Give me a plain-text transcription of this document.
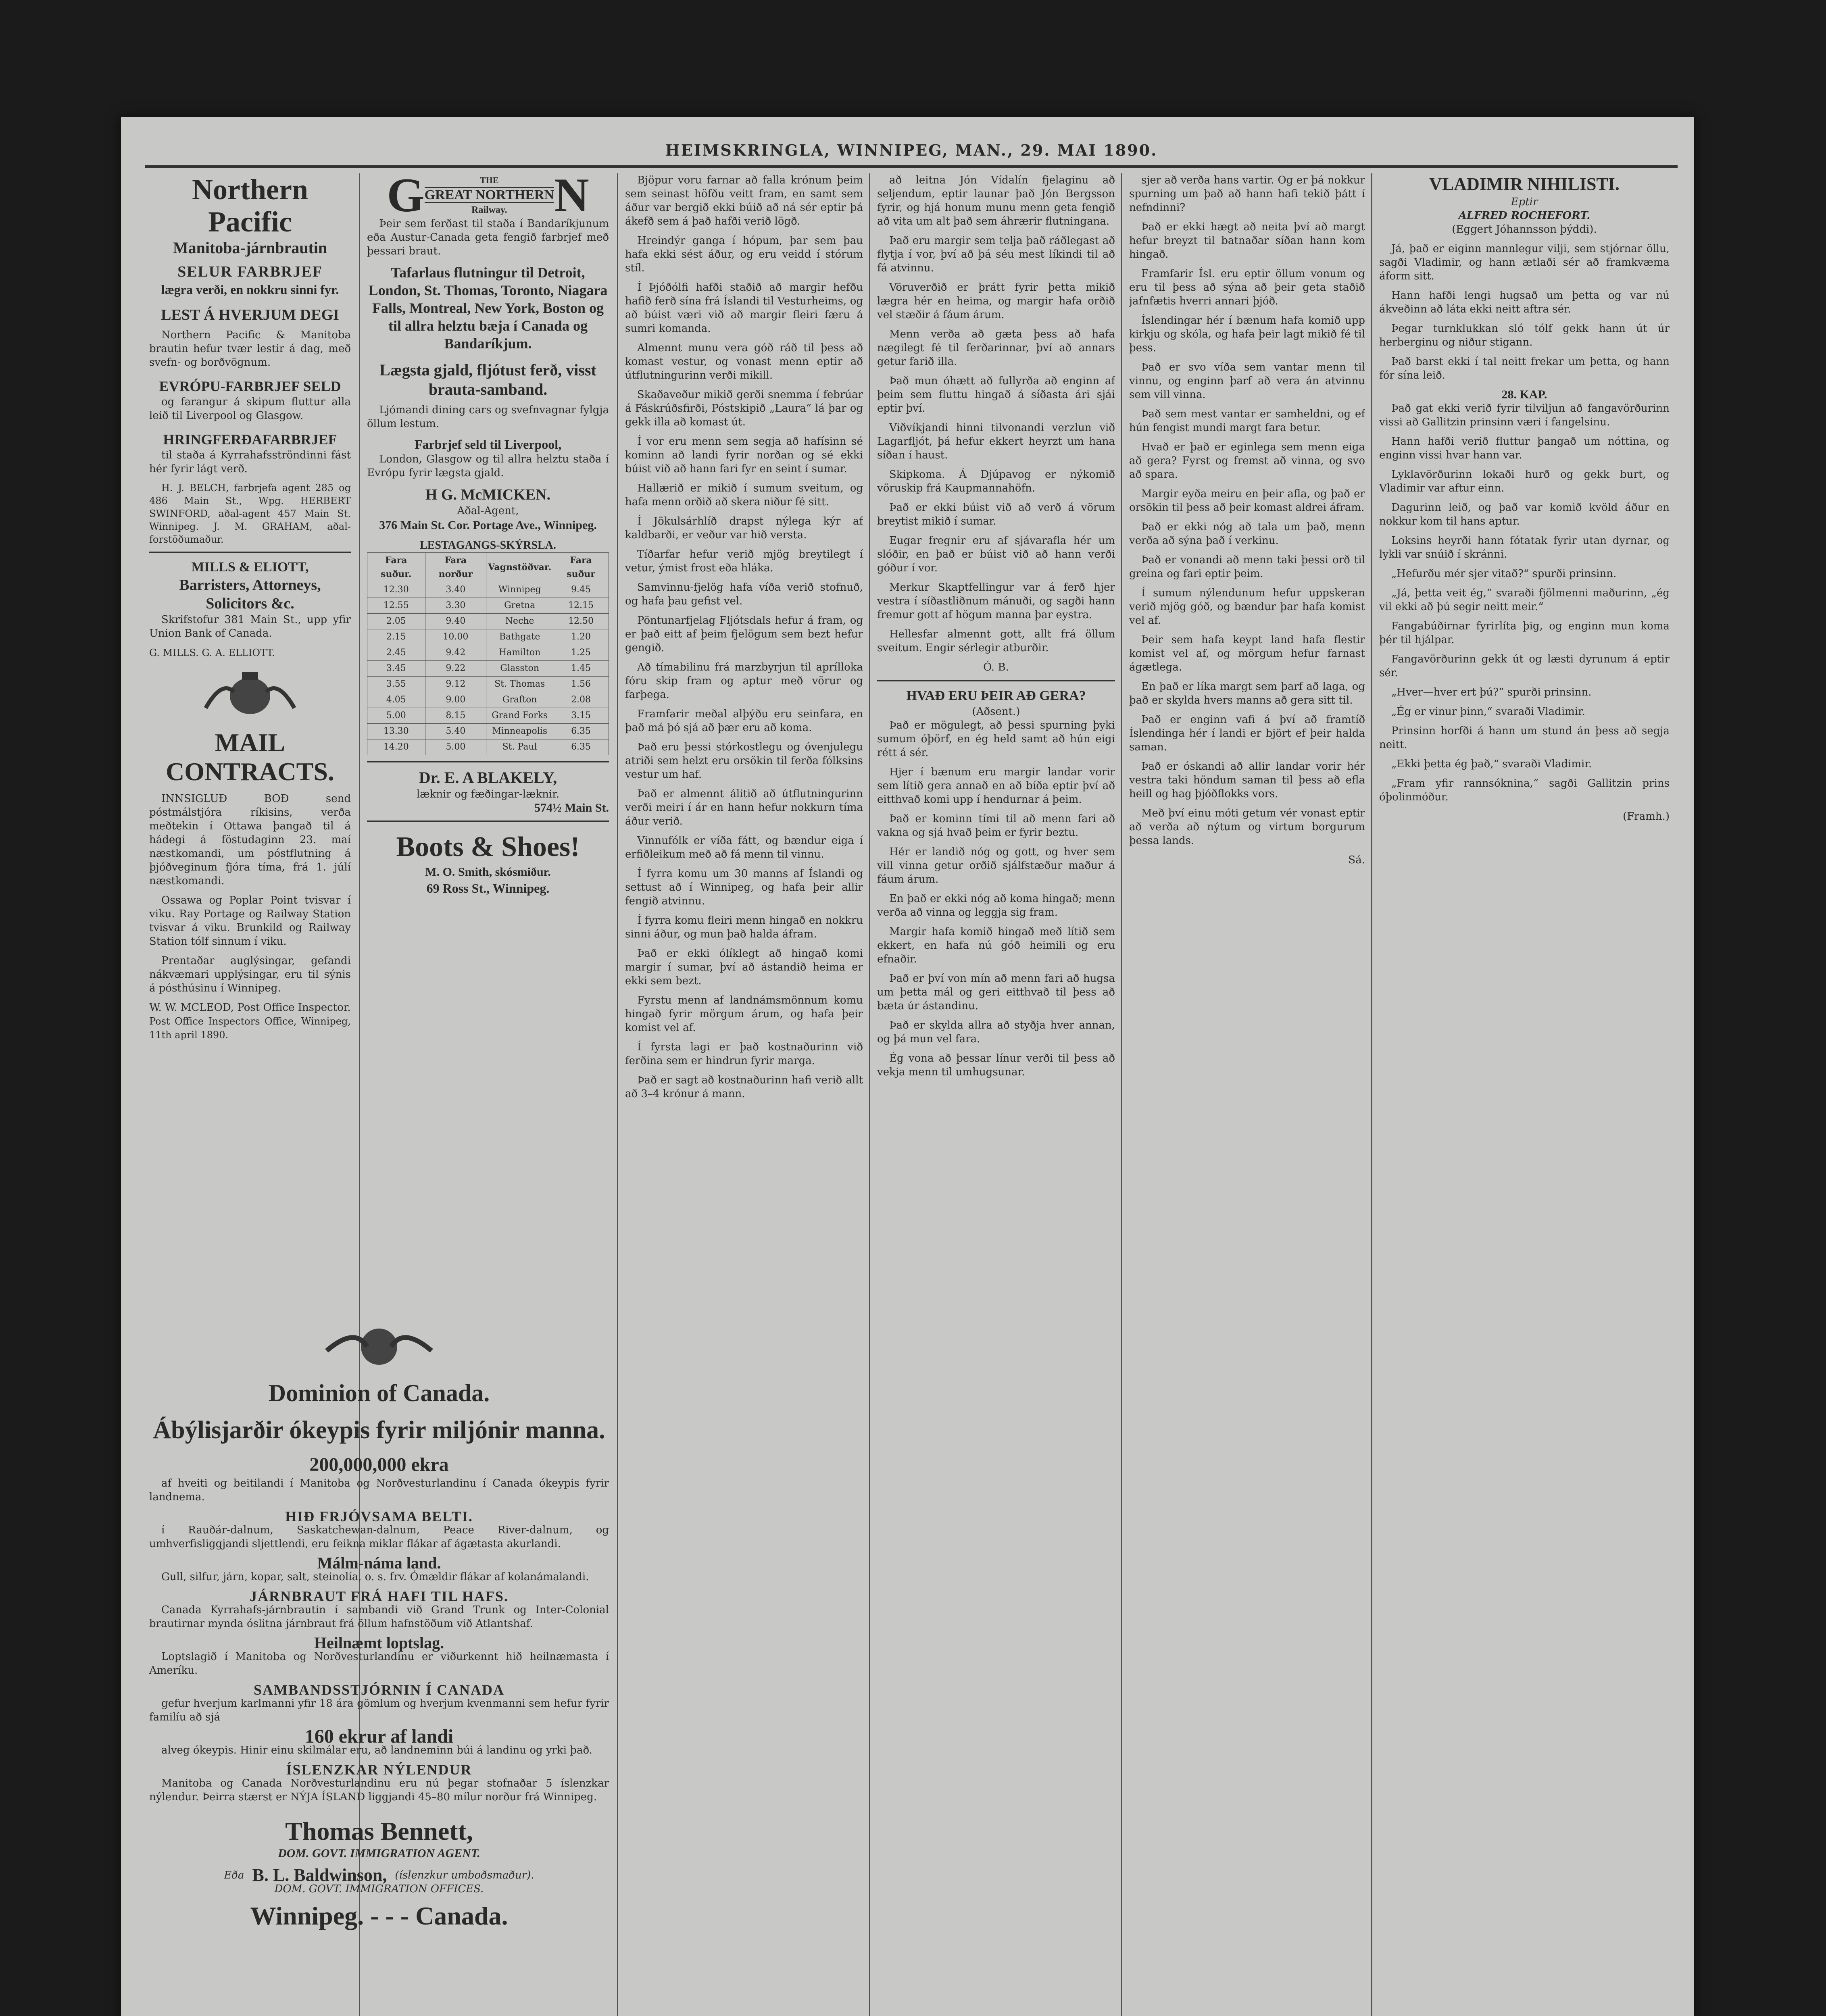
HEIMSKRINGLA, WINNIPEG, MAN., 29. MAI 1890.
Northern Pacific
Manitoba-járnbrautin
SELUR FARBRJEF
lægra verði, en nokkru sinni fyr.
LEST Á HVERJUM DEGI

Northern Pacific & Manitoba brautin hefur tvær lestir á dag, með svefn- og borðvögnum.

EVRÓPU-FARBRJEF SELD

og farangur á skipum fluttur alla leið til Liverpool og Glasgow.

HRINGFERÐAFARBRJEF

til staða á Kyrrahafsströndinni fást hér fyrir lágt verð.

H. J. BELCH, farbrjefa agent 285 og 486 Main St., Wpg. HERBERT SWINFORD, aðal-agent 457 Main St. Winnipeg. J. M. GRAHAM, aðal-forstöðumaður.

MILLS & ELIOTT,
Barristers, Attorneys, Solicitors &c.

Skrifstofur 381 Main St., upp yfir Union Bank of Canada.

G. MILLS. G. A. ELLIOTT.
MAIL CONTRACTS.

INNSIGLUÐ BOÐ send póstmálstjóra ríkisins, verða meðtekin í Ottawa þangað til á hádegi á föstudaginn 23. maí næstkomandi, um póstflutning á þjóðveginum fjóra tíma, frá 1. júlí næstkomandi.

Ossawa og Poplar Point tvisvar í viku. Ray Portage og Railway Station tvisvar á viku. Brunkild og Railway Station tólf sinnum í viku.

Prentaðar auglýsingar, gefandi nákvæmari upplýsingar, eru til sýnis á pósthúsinu í Winnipeg.

W. W. MCLEOD, Post Office Inspector.
Post Office Inspectors Office, Winnipeg, 11th april 1890.
G	THE
GREAT NORTHERN
Railway. N

Þeir sem ferðast til staða í Bandaríkjunum eða Austur-Canada geta fengið farbrjef með þessari braut.

Tafarlaus flutningur til Detroit, London, St. Thomas, Toronto, Niagara Falls, Montreal, New York, Boston og til allra helztu bæja í Canada og Bandaríkjum.
Lægsta gjald, fljótust ferð, visst brauta-samband.

Ljómandi dining cars og svefnvagnar fylgja öllum lestum.

Farbrjef seld til Liverpool,

London, Glasgow og til allra helztu staða í Evrópu fyrir lægsta gjald.

H G. McMICKEN.
Aðal-Agent,
376 Main St. Cor. Portage Ave., Winnipeg.
LESTAGANGS-SKÝRSLA.
Fara suður.	Fara norður	Vagnstöðvar.	Fara suður
12.30	3.40	Winnipeg	9.45
12.55	3.30	Gretna	12.15
2.05	9.40	Neche	12.50
2.15	10.00	Bathgate	1.20
2.45	9.42	Hamilton	1.25
3.45	9.22	Glasston	1.45
3.55	9.12	St. Thomas	1.56
4.05	9.00	Grafton	2.08
5.00	8.15	Grand Forks	3.15
13.30	5.40	Minneapolis	6.35
14.20	5.00	St. Paul	6.35
Dr. E. A BLAKELY,
læknir og fæðingar-læknir.
574½ Main St.
Boots & Shoes!
M. O. Smith, skósmiður.
69 Ross St., Winnipeg.
Dominion of Canada.
Ábýlisjarðir ókeypis fyrir miljónir manna.
200,000,000 ekra

af hveiti og beitilandi í Manitoba og Norðvesturlandinu í Canada ókeypis fyrir landnema.

HIÐ FRJÓVSAMA BELTI.

í Rauðár-dalnum, Saskatchewan-dalnum, Peace River-dalnum, og umhverfisliggjandi sljettlendi, eru feikna miklar flákar af ágætasta akurlandi.

Málm-náma land.

Gull, silfur, járn, kopar, salt, steinolía, o. s. frv. Ómældir flákar af kolanámalandi.

JÁRNBRAUT FRÁ HAFI TIL HAFS.

Canada Kyrrahafs-járnbrautin í sambandi við Grand Trunk og Inter-Colonial brautirnar mynda óslitna járnbraut frá öllum hafnstöðum við Atlantshaf.

Heilnæmt loptslag.

Loptslagið í Manitoba og Norðvesturlandinu er viðurkennt hið heilnæmasta í Ameríku.

SAMBANDSSTJÓRNIN Í CANADA

gefur hverjum karlmanni yfir 18 ára gömlum og hverjum kvenmanni sem hefur fyrir familíu að sjá

160 ekrur af landi

alveg ókeypis. Hinir einu skilmálar eru, að landneminn búi á landinu og yrki það.

ÍSLENZKAR NÝLENDUR

Manitoba og Canada Norðvesturlandinu eru nú þegar stofnaðar 5 íslenzkar nýlendur. Þeirra stærst er NÝJA ÍSLAND liggjandi 45–80 mílur norður frá Winnipeg.

Thomas Bennett,
DOM. GOVT. IMMIGRATION AGENT.
Eða B. L. Baldwinson, (íslenzkur umboðsmaður).
DOM. GOVT. IMMIGRATION OFFICES.
Winnipeg. - - - Canada.

Bjöpur voru farnar að falla krónum þeim sem seinast höfðu veitt fram, en samt sem áður var bergið ekki búið að ná sér eptir þá ákefð sem á það hafði verið lögð.

Hreindýr ganga í hópum, þar sem þau hafa ekki sést áður, og eru veidd í stórum stíl.

Í Þjóðólfi hafði staðið að margir hefðu hafið ferð sína frá Íslandi til Vesturheims, og að búist væri við að margir fleiri færu á sumri komanda.

Almennt munu vera góð ráð til þess að komast vestur, og vonast menn eptir að útflutningurinn verði mikill.

Skaðaveður mikið gerði snemma í febrúar á Fáskrúðsfirði, Póstskipið „Laura“ lá þar og gekk illa að komast út.

Í vor eru menn sem segja að hafísinn sé kominn að landi fyrir norðan og sé ekki búist við að hann fari fyr en seint í sumar.

Hallærið er mikið í sumum sveitum, og hafa menn orðið að skera niður fé sitt.

Í Jökulsárhlíð drapst nýlega kýr af kaldbarði, er veður var hið versta.

Tíðarfar hefur verið mjög breytilegt í vetur, ýmist frost eða hláka.

Samvinnu-fjelög hafa víða verið stofnuð, og hafa þau gefist vel.

Pöntunarfjelag Fljótsdals hefur á fram, og er það eitt af þeim fjelögum sem bezt hefur gengið.

Að tímabilinu frá marzbyrjun til aprílloka fóru skip fram og aptur með vörur og farþega.

Framfarir meðal alþýðu eru seinfara, en það má þó sjá að þær eru að koma.

Það eru þessi stórkostlegu og óvenjulegu atriði sem helzt eru orsökin til ferða fólksins vestur um haf.

Það er almennt álitið að útflutningurinn verði meiri í ár en hann hefur nokkurn tíma áður verið.

Vinnufólk er víða fátt, og bændur eiga í erfiðleikum með að fá menn til vinnu.

Í fyrra komu um 30 manns af Íslandi og settust að í Winnipeg, og hafa þeir allir fengið atvinnu.

Í fyrra komu fleiri menn hingað en nokkru sinni áður, og mun það halda áfram.

Það er ekki ólíklegt að hingað komi margir í sumar, því að ástandið heima er ekki sem bezt.

Fyrstu menn af landnámsmönnum komu hingað fyrir mörgum árum, og hafa þeir komist vel af.

Í fyrsta lagi er það kostnaðurinn við ferðina sem er hindrun fyrir marga.

Það er sagt að kostnaðurinn hafi verið allt að 3–4 krónur á mann.

að leitna Jón Vídalín fjelaginu að seljendum, eptir launar það Jón Bergsson fyrir, og hjá honum munu menn geta fengið að vita um alt það sem áhrærir flutningana.

Það eru margir sem telja það ráðlegast að flytja í vor, því að þá séu mest líkindi til að fá atvinnu.

Vöruverðið er þrátt fyrir þetta mikið lægra hér en heima, og margir hafa orðið vel stæðir á fáum árum.

Menn verða að gæta þess að hafa nægilegt fé til ferðarinnar, því að annars getur farið illa.

Það mun óhætt að fullyrða að enginn af þeim sem fluttu hingað á síðasta ári sjái eptir því.

Viðvíkjandi hinni tilvonandi verzlun við Lagarfljót, þá hefur ekkert heyrzt um hana síðan í haust.

Skipkoma. Á Djúpavog er nýkomið vöruskip frá Kaupmannahöfn.

Það er ekki búist við að verð á vörum breytist mikið í sumar.

Eugar fregnir eru af sjávarafla hér um slóðir, en það er búist við að hann verði góður í vor.

Merkur Skaptfellingur var á ferð hjer vestra í síðastliðnum mánuði, og sagði hann fremur gott af högum manna þar eystra.

Hellesfar almennt gott, allt frá öllum sveitum. Engir sérlegir atburðir.

Ó. B.
HVAÐ ERU ÞEIR AÐ GERA?
(Aðsent.)

Það er mögulegt, að þessi spurning þyki sumum óþörf, en ég held samt að hún eigi rétt á sér.

Hjer í bænum eru margir landar vorir sem lítið gera annað en að bíða eptir því að eitthvað komi upp í hendurnar á þeim.

Það er kominn tími til að menn fari að vakna og sjá hvað þeim er fyrir beztu.

Hér er landið nóg og gott, og hver sem vill vinna getur orðið sjálfstæður maður á fáum árum.

En það er ekki nóg að koma hingað; menn verða að vinna og leggja sig fram.

Margir hafa komið hingað með lítið sem ekkert, en hafa nú góð heimili og eru efnaðir.

Það er því von mín að menn fari að hugsa um þetta mál og geri eitthvað til þess að bæta úr ástandinu.

Það er skylda allra að styðja hver annan, og þá mun vel fara.

Ég vona að þessar línur verði til þess að vekja menn til umhugsunar.

sjer að verða hans vartir. Og er þá nokkur spurning um það að hann hafi tekið þátt í nefndinni?

Það er ekki hægt að neita því að margt hefur breyzt til batnaðar síðan hann kom hingað.

Framfarir Ísl. eru eptir öllum vonum og eru til þess að sýna að þeir geta staðið jafnfætis hverri annari þjóð.

Íslendingar hér í bænum hafa komið upp kirkju og skóla, og hafa þeir lagt mikið fé til þess.

Það er svo víða sem vantar menn til vinnu, og enginn þarf að vera án atvinnu sem vill vinna.

Það sem mest vantar er samheldni, og ef hún fengist mundi margt fara betur.

Hvað er það er eginlega sem menn eiga að gera? Fyrst og fremst að vinna, og svo að spara.

Margir eyða meiru en þeir afla, og það er orsökin til þess að þeir komast aldrei áfram.

Það er ekki nóg að tala um það, menn verða að sýna það í verkinu.

Það er vonandi að menn taki þessi orð til greina og fari eptir þeim.

Í sumum nýlendunum hefur uppskeran verið mjög góð, og bændur þar hafa komist vel af.

Þeir sem hafa keypt land hafa flestir komist vel af, og mörgum hefur farnast ágætlega.

En það er líka margt sem þarf að laga, og það er skylda hvers manns að gera sitt til.

Það er enginn vafi á því að framtíð Íslendinga hér í landi er björt ef þeir halda saman.

Það er óskandi að allir landar vorir hér vestra taki höndum saman til þess að efla heill og hag þjóðflokks vors.

Með því einu móti getum vér vonast eptir að verða að nýtum og virtum borgurum þessa lands.

Sá.
VLADIMIR NIHILISTI.
Eptir
ALFRED ROCHEFORT.
(Eggert Jóhannsson þýddi).

Já, það er eiginn mannlegur vilji, sem stjórnar öllu, sagði Vladimir, og hann ætlaði sér að framkvæma áform sitt.

Hann hafði lengi hugsað um þetta og var nú ákveðinn að láta ekki neitt aftra sér.

Þegar turnklukkan sló tólf gekk hann út úr herberginu og niður stigann.

Það barst ekki í tal neitt frekar um þetta, og hann fór sína leið.

28. KAP.

Það gat ekki verið fyrir tilviljun að fangavörðurinn vissi að Gallitzin prinsinn væri í fangelsinu.

Hann hafði verið fluttur þangað um nóttina, og enginn vissi hvar hann var.

Lyklavörðurinn lokaði hurð og gekk burt, og Vladimir var aftur einn.

Dagurinn leið, og það var komið kvöld áður en nokkur kom til hans aptur.

Loksins heyrði hann fótatak fyrir utan dyrnar, og lykli var snúið í skránni.

„Hefurðu mér sjer vitað?“ spurði prinsinn.

„Já, þetta veit ég,“ svaraði fjölmenni maðurinn, „ég vil ekki að þú segir neitt meir.“

Fangabúðirnar fyrirlíta þig, og enginn mun koma þér til hjálpar.

Fangavörðurinn gekk út og læsti dyrunum á eptir sér.

„Hver—hver ert þú?“ spurði prinsinn.

„Ég er vinur þinn,“ svaraði Vladimir.

Prinsinn horfði á hann um stund án þess að segja neitt.

„Ekki þetta ég það,“ svaraði Vladimir.

„Fram yfir rannsóknina,“ sagði Gallitzin prins óþolinmóður.

(Framh.)
